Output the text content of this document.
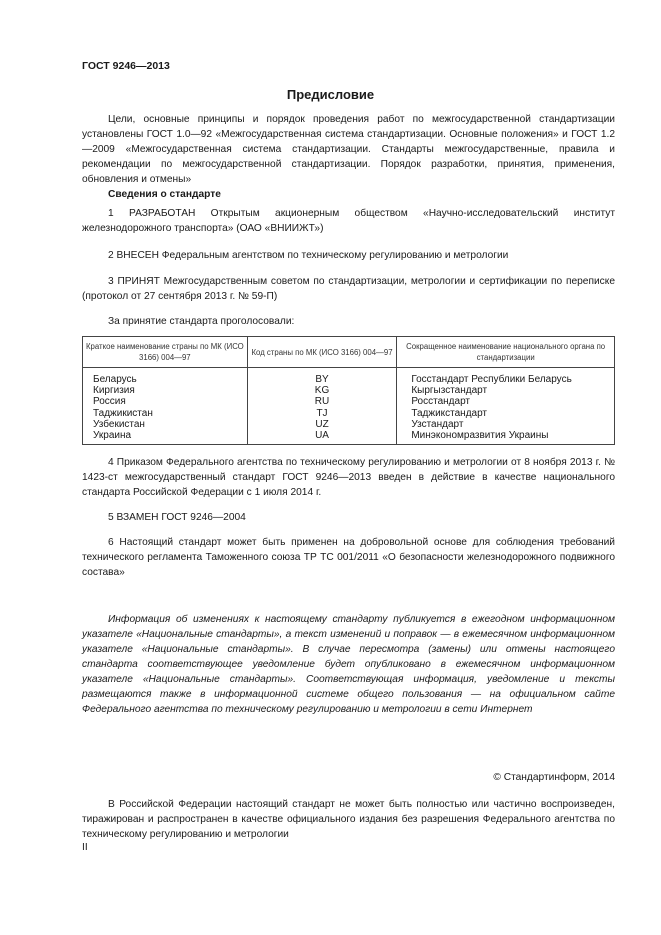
ГОСТ 9246—2013
Предисловие
Цели, основные принципы и порядок проведения работ по межгосударственной стандартизации установлены ГОСТ 1.0—92 «Межгосударственная система стандартизации. Основные положения» и ГОСТ 1.2—2009 «Межгосударственная система стандартизации. Стандарты межгосударственные, правила и рекомендации по межгосударственной стандартизации. Порядок разработки, принятия, применения, обновления и отмены»
Сведения о стандарте
1 РАЗРАБОТАН Открытым акционерным обществом «Научно-исследовательский институт железнодорожного транспорта» (ОАО «ВНИИЖТ»)
2 ВНЕСЕН Федеральным агентством по техническому регулированию и метрологии
3 ПРИНЯТ Межгосударственным советом по стандартизации, метрологии и сертификации по переписке (протокол от 27 сентября 2013 г. № 59-П)
За принятие стандарта проголосовали:
Краткое наименование страны по МК (ИСО 3166) 004—97	Код страны по МК (ИСО 3166) 004—97	Сокращенное наименование национального органа по стандартизации
Беларусь	BY	Госстандарт Республики Беларусь
Киргизия	KG	Кыргызстандарт
Россия	RU	Росстандарт
Таджикистан	TJ	Таджикстандарт
Узбекистан	UZ	Узстандарт
Украина	UA	Минэкономразвития Украины
4 Приказом Федерального агентства по техническому регулированию и метрологии от 8 ноября 2013 г. № 1423-ст межгосударственный стандарт ГОСТ 9246—2013 введен в действие в качестве национального стандарта Российской Федерации с 1 июля 2014 г.
5 ВЗАМЕН ГОСТ 9246—2004
6 Настоящий стандарт может быть применен на добровольной основе для соблюдения требований технического регламента Таможенного союза ТР ТС 001/2011 «О безопасности железнодорожного подвижного состава»
Информация об изменениях к настоящему стандарту публикуется в ежегодном информационном указателе «Национальные стандарты», а текст изменений и поправок — в ежемесячном информационном указателе «Национальные стандарты». В случае пересмотра (замены) или отмены настоящего стандарта соответствующее уведомление будет опубликовано в ежемесячном информационном указателе «Национальные стандарты». Соответствующая информация, уведомление и тексты размещаются также в информационной системе общего пользования — на официальном сайте Федерального агентства по техническому регулированию и метрологии в сети Интернет
© Стандартинформ, 2014
В Российской Федерации настоящий стандарт не может быть полностью или частично воспроизведен, тиражирован и распространен в качестве официального издания без разрешения Федерального агентства по техническому регулированию и метрологии
II
